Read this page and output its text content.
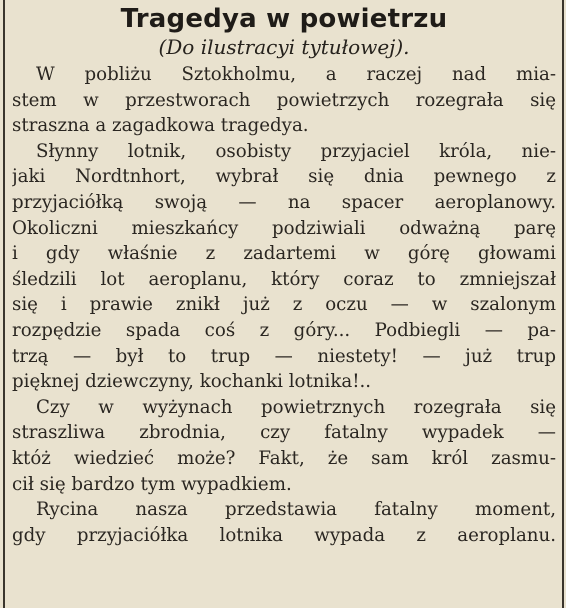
Tragedya w powietrzu
(Do ilustracyi tytułowej).
W pobliżu Sztokholmu, a raczej nad mia-
stem w przestworach powietrzych rozegrała się
straszna a zagadkowa tragedya.
Słynny lotnik, osobisty przyjaciel króla, nie-
jaki Nordtnhort, wybrał się dnia pewnego z
przyjaciółką swoją — na spacer aeroplanowy.
Okoliczni mieszkańcy podziwiali odważną parę
i gdy właśnie z zadartemi w górę głowami
śledzili lot aeroplanu, który coraz to zmniejszał
się i prawie znikł już z oczu — w szalonym
rozpędzie spada coś z góry... Podbiegli — pa-
trzą — był to trup — niestety! — już trup
pięknej dziewczyny, kochanki lotnika!..
Czy w wyżynach powietrznych rozegrała się
straszliwa zbrodnia, czy fatalny wypadek —
któż wiedzieć może? Fakt, że sam król zasmu-
cił się bardzo tym wypadkiem.
Rycina nasza przedstawia fatalny moment,
gdy przyjaciółka lotnika wypada z aeroplanu.
